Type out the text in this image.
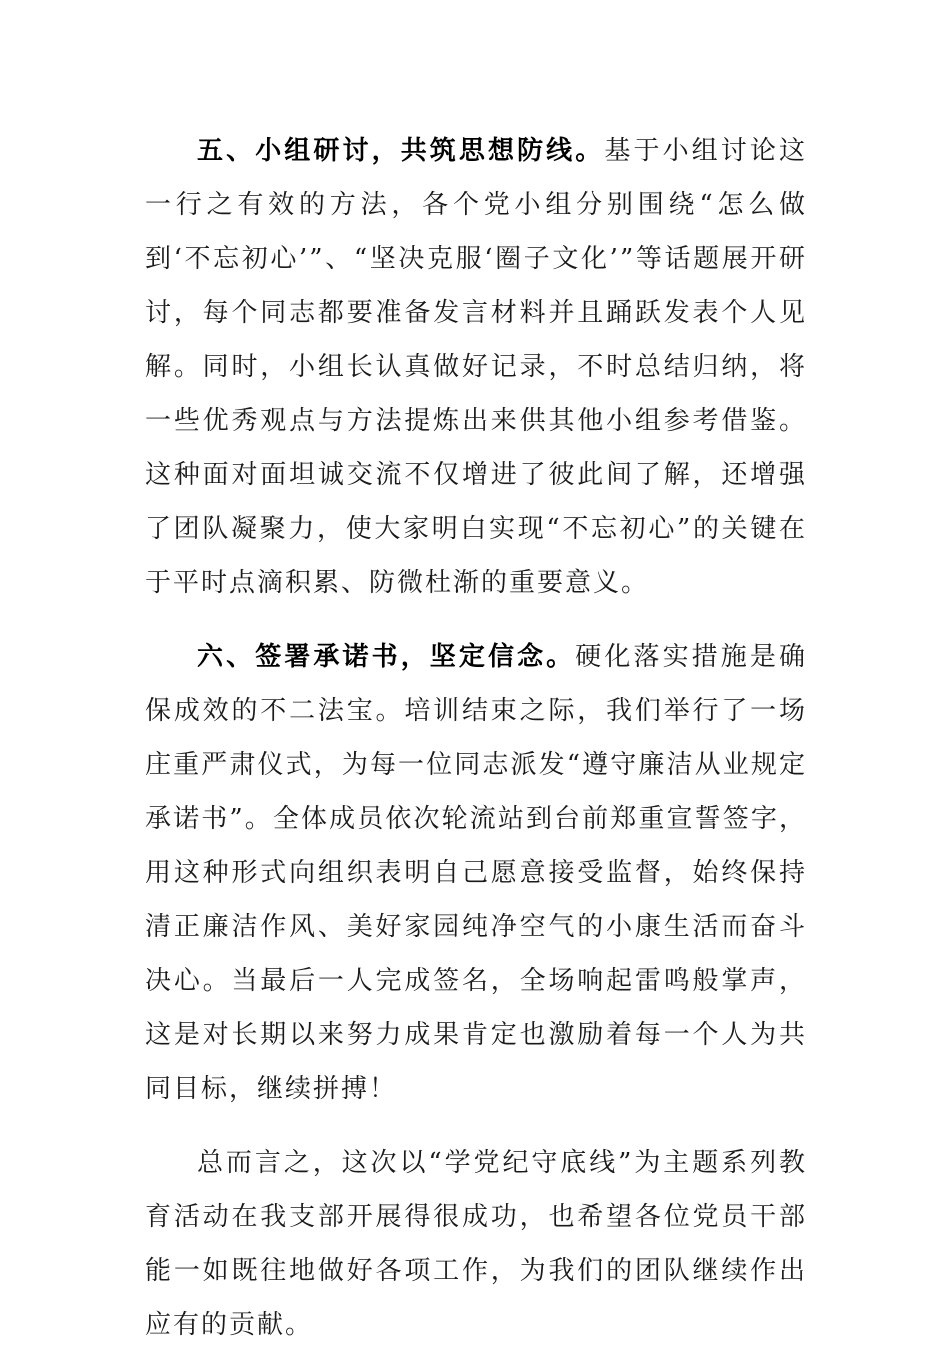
五、小组研讨，共筑思想防线。基于小组讨论这一行之有效的方法，各个党小组分别围绕“怎么做到‘不忘初心’”、“坚决克服‘圈子文化’”等话题展开研讨，每个同志都要准备发言材料并且踊跃发表个人见解。同时，小组长认真做好记录，不时总结归纳，将一些优秀观点与方法提炼出来供其他小组参考借鉴。这种面对面坦诚交流不仅增进了彼此间了解，还增强了团队凝聚力，使大家明白实现“不忘初心”的关键在于平时点滴积累、防微杜渐的重要意义。

六、签署承诺书，坚定信念。硬化落实措施是确保成效的不二法宝。培训结束之际，我们举行了一场庄重严肃仪式，为每一位同志派发“遵守廉洁从业规定承诺书”。全体成员依次轮流站到台前郑重宣誓签字，用这种形式向组织表明自己愿意接受监督，始终保持清正廉洁作风、美好家园纯净空气的小康生活而奋斗决心。当最后一人完成签名，全场响起雷鸣般掌声，这是对长期以来努力成果肯定也激励着每一个人为共同目标，继续拼搏！

总而言之，这次以“学党纪守底线”为主题系列教育活动在我支部开展得很成功，也希望各位党员干部能一如既往地做好各项工作，为我们的团队继续作出应有的贡献。
